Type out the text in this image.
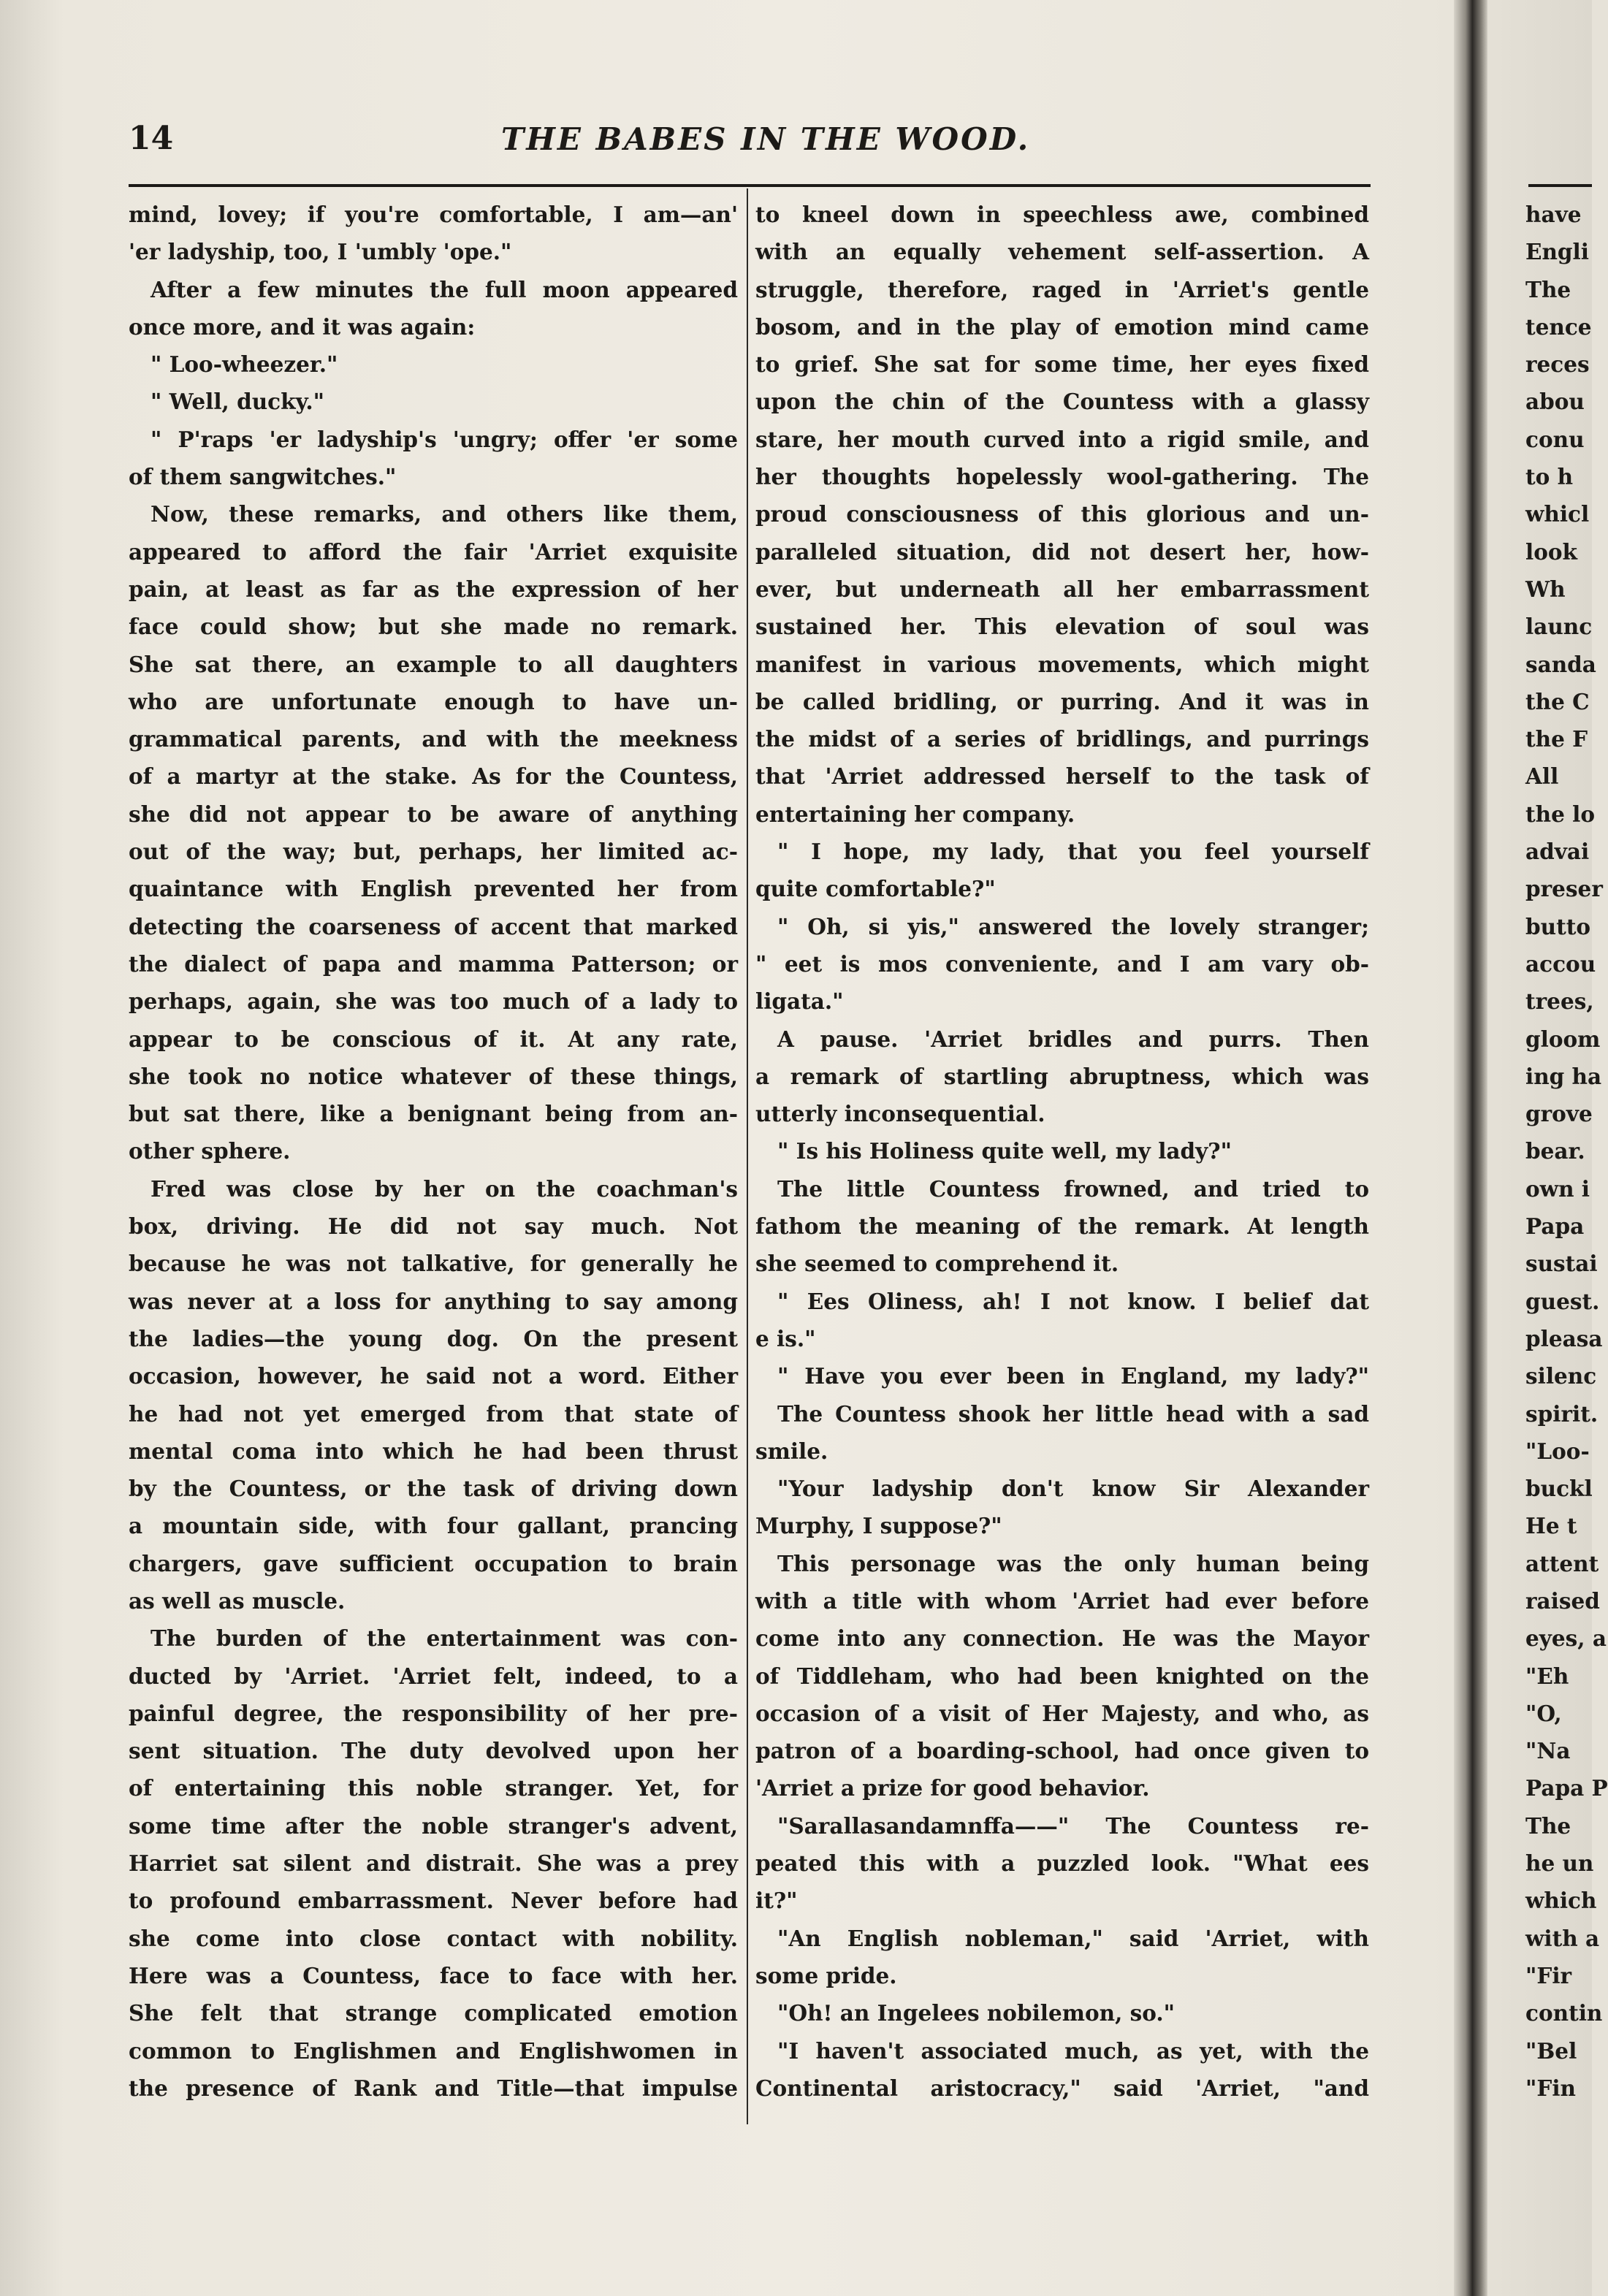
14	THE BABES IN THE WOOD.
mind, lovey; if you're comfortable, I am—an'
'er ladyship, too, I 'umbly 'ope."
After a few minutes the full moon appeared
once more, and it was again:
" Loo-wheezer."
" Well, ducky."
" P'raps 'er ladyship's 'ungry; offer 'er some
of them sangwitches."
Now, these remarks, and others like them,
appeared to afford the fair 'Arriet exquisite
pain, at least as far as the expression of her
face could show; but she made no remark.
She sat there, an example to all daughters
who are unfortunate enough to have un-
grammatical parents, and with the meekness
of a martyr at the stake. As for the Countess,
she did not appear to be aware of anything
out of the way; but, perhaps, her limited ac-
quaintance with English prevented her from
detecting the coarseness of accent that marked
the dialect of papa and mamma Patterson; or
perhaps, again, she was too much of a lady to
appear to be conscious of it. At any rate,
she took no notice whatever of these things,
but sat there, like a benignant being from an-
other sphere.
Fred was close by her on the coachman's
box, driving. He did not say much. Not
because he was not talkative, for generally he
was never at a loss for anything to say among
the ladies—the young dog. On the present
occasion, however, he said not a word. Either
he had not yet emerged from that state of
mental coma into which he had been thrust
by the Countess, or the task of driving down
a mountain side, with four gallant, prancing
chargers, gave sufficient occupation to brain
as well as muscle.
The burden of the entertainment was con-
ducted by 'Arriet. 'Arriet felt, indeed, to a
painful degree, the responsibility of her pre-
sent situation. The duty devolved upon her
of entertaining this noble stranger. Yet, for
some time after the noble stranger's advent,
Harriet sat silent and distrait. She was a prey
to profound embarrassment. Never before had
she come into close contact with nobility.
Here was a Countess, face to face with her.
She felt that strange complicated emotion
common to Englishmen and Englishwomen in
the presence of Rank and Title—that impulse
to kneel down in speechless awe, combined
with an equally vehement self-assertion. A
struggle, therefore, raged in 'Arriet's gentle
bosom, and in the play of emotion mind came
to grief. She sat for some time, her eyes fixed
upon the chin of the Countess with a glassy
stare, her mouth curved into a rigid smile, and
her thoughts hopelessly wool-gathering. The
proud consciousness of this glorious and un-
paralleled situation, did not desert her, how-
ever, but underneath all her embarrassment
sustained her. This elevation of soul was
manifest in various movements, which might
be called bridling, or purring. And it was in
the midst of a series of bridlings, and purrings
that 'Arriet addressed herself to the task of
entertaining her company.
" I hope, my lady, that you feel yourself
quite comfortable?"
" Oh, si yis," answered the lovely stranger;
" eet is mos conveniente, and I am vary ob-
ligata."
A pause. 'Arriet bridles and purrs. Then
a remark of startling abruptness, which was
utterly inconsequential.
" Is his Holiness quite well, my lady?"
The little Countess frowned, and tried to
fathom the meaning of the remark. At length
she seemed to comprehend it.
" Ees Oliness, ah! I not know. I belief dat
e is."
" Have you ever been in England, my lady?"
The Countess shook her little head with a sad
smile.
"Your ladyship don't know Sir Alexander
Murphy, I suppose?"
This personage was the only human being
with a title with whom 'Arriet had ever before
come into any connection. He was the Mayor
of Tiddleham, who had been knighted on the
occasion of a visit of Her Majesty, and who, as
patron of a boarding-school, had once given to
'Arriet a prize for good behavior.
"Sarallasandamnffa——" The Countess re-
peated this with a puzzled look. "What ees
it?"
"An English nobleman," said 'Arriet, with
some pride.
"Oh! an Ingelees nobilemon, so."
"I haven't associated much, as yet, with the
Continental aristocracy," said 'Arriet, "and
have
Engli
The
tence
reces
abou
conu
to h
whicl
look
Wh
launc
sanda
the C
the F
All
the lo
advai
preser
butto
accou
trees,
gloom
ing ha
grove
bear.
own i
Papa
sustai
guest.
pleasa
silenc
spirit.
"Loo-
buckl
He t
attent
raised
eyes, a
"Eh
"O,
"Na
Papa P
The
he un
which
with a
"Fir
contin
"Bel
"Fin
